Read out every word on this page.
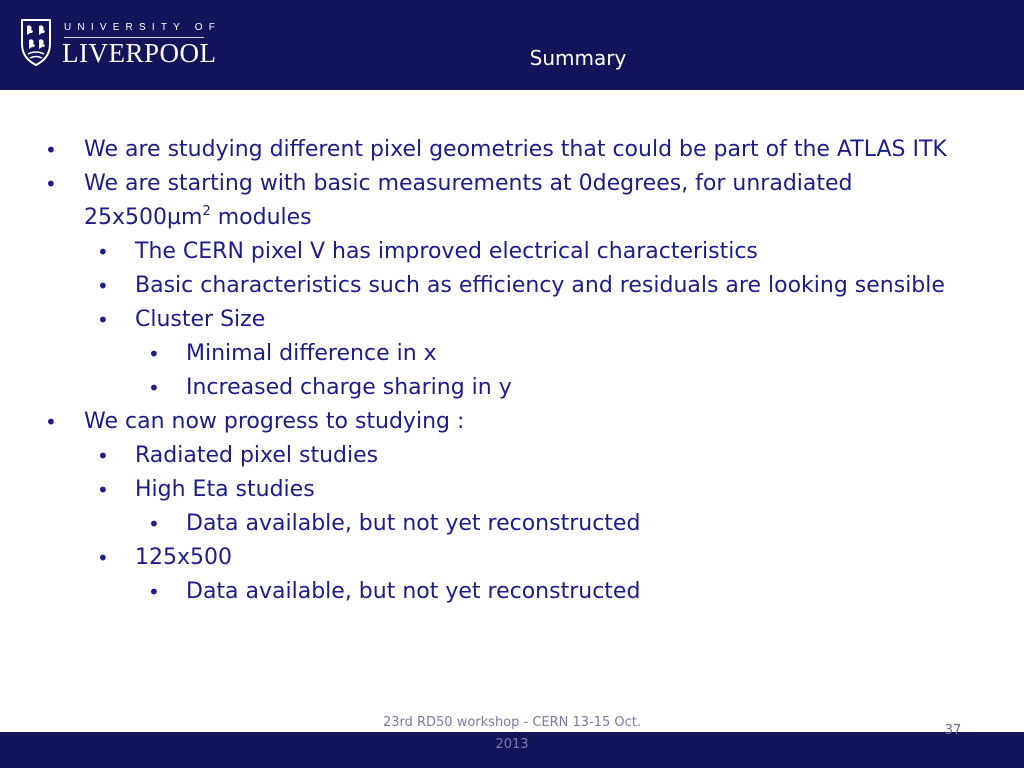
UNIVERSITY OF
LIVERPOOL	Summary
• We are studying different pixel geometries that could be part of the ATLAS ITK
• We are starting with basic measurements at 0degrees, for unradiated
25x500µm$^2$ modules
• The CERN pixel V has improved electrical characteristics
• Basic characteristics such as efficiency and residuals are looking sensible
• Cluster Size
• Minimal difference in x
• Increased charge sharing in y
• We can now progress to studying :
• Radiated pixel studies
• High Eta studies
• Data available, but not yet reconstructed
• 125x500
• Data available, but not yet reconstructed
23rd RD50 workshop - CERN 13-15 Oct.
2013
37
